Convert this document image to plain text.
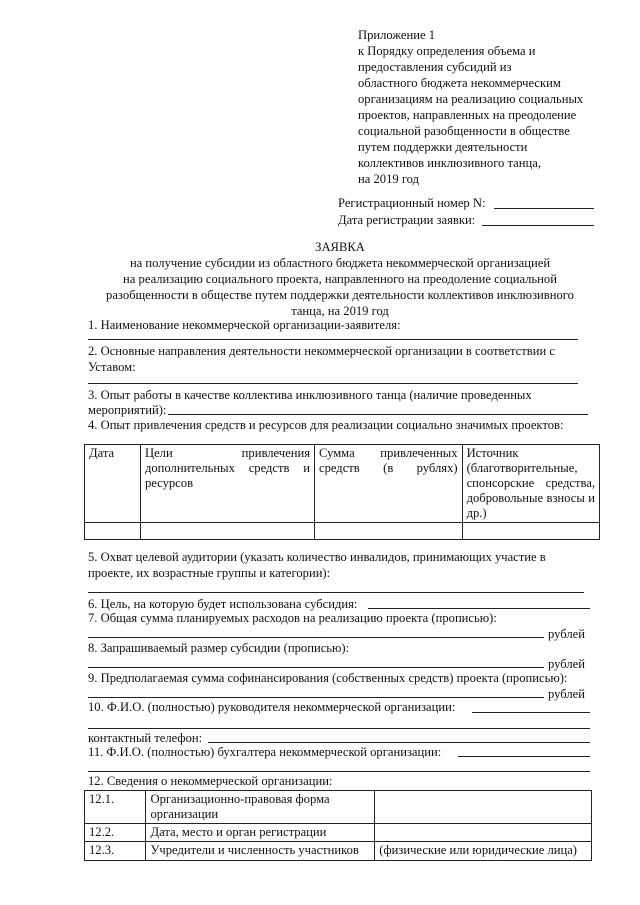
Приложение 1
к Порядку определения объема и
предоставления субсидий из
областного бюджета некоммерческим
организациям на реализацию социальных
проектов, направленных на преодоление
социальной разобщенности в обществе
путем поддержки деятельности
коллективов инклюзивного танца,
на 2019 год
Регистрационный номер N:
Дата регистрации заявки:
ЗАЯВКА
на получение субсидии из областного бюджета некоммерческой организацией
на реализацию социального проекта, направленного на преодоление социальной
разобщенности в обществе путем поддержки деятельности коллективов инклюзивного
танца, на 2019 год
1. Наименование некоммерческой организации-заявителя:
2. Основные направления деятельности некоммерческой организации в соответствии с
Уставом:
3. Опыт работы в качестве коллектива инклюзивного танца (наличие проведенных
мероприятий):
4. Опыт привлечения средств и ресурсов для реализации социально значимых проектов:
Дата	Цели привлечения дополнительных средств и ресурсов	Сумма привлеченных средств (в рублях)	Источник (благотворительные, спонсорские средства, добровольные взносы и др.)

5. Охват целевой аудитории (указать количество инвалидов, принимающих участие в
проекте, их возрастные группы и категории):
6. Цель, на которую будет использована субсидия:
7. Общая сумма планируемых расходов на реализацию проекта (прописью):
рублей
8. Запрашиваемый размер субсидии (прописью):
рублей
9. Предполагаемая сумма софинансирования (собственных средств) проекта (прописью):
рублей
10. Ф.И.О. (полностью) руководителя некоммерческой организации:
контактный телефон:
11. Ф.И.О. (полностью) бухгалтера некоммерческой организации:
12. Сведения о некоммерческой организации:
12.1.	Организационно-правовая форма организации	
12.2.	Дата, место и орган регистрации	
12.3.	Учредители и численность участников	(физические или юридические лица)
